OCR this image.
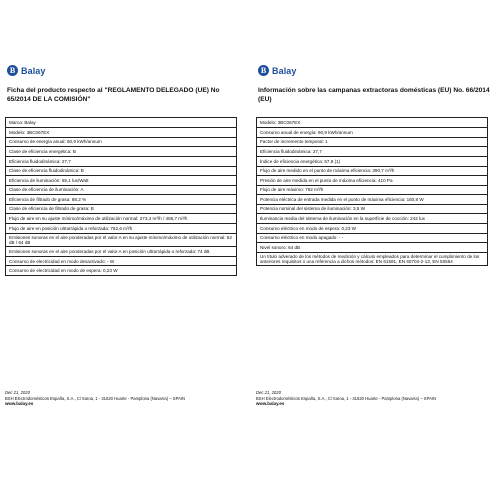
B Balay
Ficha del producto respecto al "REGLAMENTO DELEGADO (UE) No 65/2014 DE LA COMISIÓN"
Marca: Balay
Modelo: 3BC067EX
Consumo de energía anual: 60,9 kWh/annum
Clase de eficiencia energética: B
Eficiencia fluidodinámica: 27,7
Clase de eficiencia fluidodinámica: B
Eficiencia de iluminación: 69,1 lux/Watt
Clase de eficiencia de iluminación: A
Eficiencia de filtrado de grasa: 88,2 %
Clase de eficiencia de filtrado de grasa: B
Flujo de aire en su ajuste mínimo/máximo de utilización normal: 273,4 m³/h / 456,7 m³/h
Flujo de aire en posición ultrarrápida o reforzada: 762,6 m³/h
Emisiones sonoras en el aire ponderadas por el valor A en su ajuste mínimo/máximo de utilización normal: 52 dB / 64 dB
Emisiones sonoras en el aire ponderadas por el valor A en posición ultrarrápida o reforzada: 74 dB
Consumo de electricidad en modo desactivado: - W
Consumo de electricidad en modo de espera: 0,23 W
Dec 21, 2020
BSH Electrodomésticos España, S.A., C/ Itaroa, 1 - 31620 Huarte - Pamplona (Navarra) – SPAIN
www.balay.es
B Balay
Información sobre las campanas extractoras domésticas (EU) No. 66/2014 (EU)
Modelo: 3BC067EX
Consumo anual de energía: 60,9 kWh/annum
Factor de incremento temporal: 1
Eficiencia fluidodinámica: 27,7
Índice de eficiencia energética: 57,8 (1)
Flujo de aire medido en el punto de máxima eficiencia: 390,7 m³/h
Presión de aire medida en el punto de máxima eficiencia: 410 Pa
Flujo de aire máximo: 762 m³/h
Potencia eléctrica de entrada medida en el punto de máxima eficiencia: 160,8 W
Potencia nominal del sistema de iluminación: 3,5 W
Iluminancia media del sistema de iluminación en la superficie de cocción: 242 lux
Consumo eléctrico en modo de espera: 0,23 W
Consumo eléctrico en modo apagado: - -
Nivel sonoro: 64 dB
Un título adverado de los métodos de medición y cálculo empleados para determinar el cumplimiento de los anteriores requisitos o una referencia a dichos métodos: EN 61591, EN 60704-2-13, EN 50564
Dec 21, 2020
BSH Electrodomésticos España, S.A., C/ Itaroa, 1 - 31620 Huarte - Pamplona (Navarra) – SPAIN
www.balay.es
